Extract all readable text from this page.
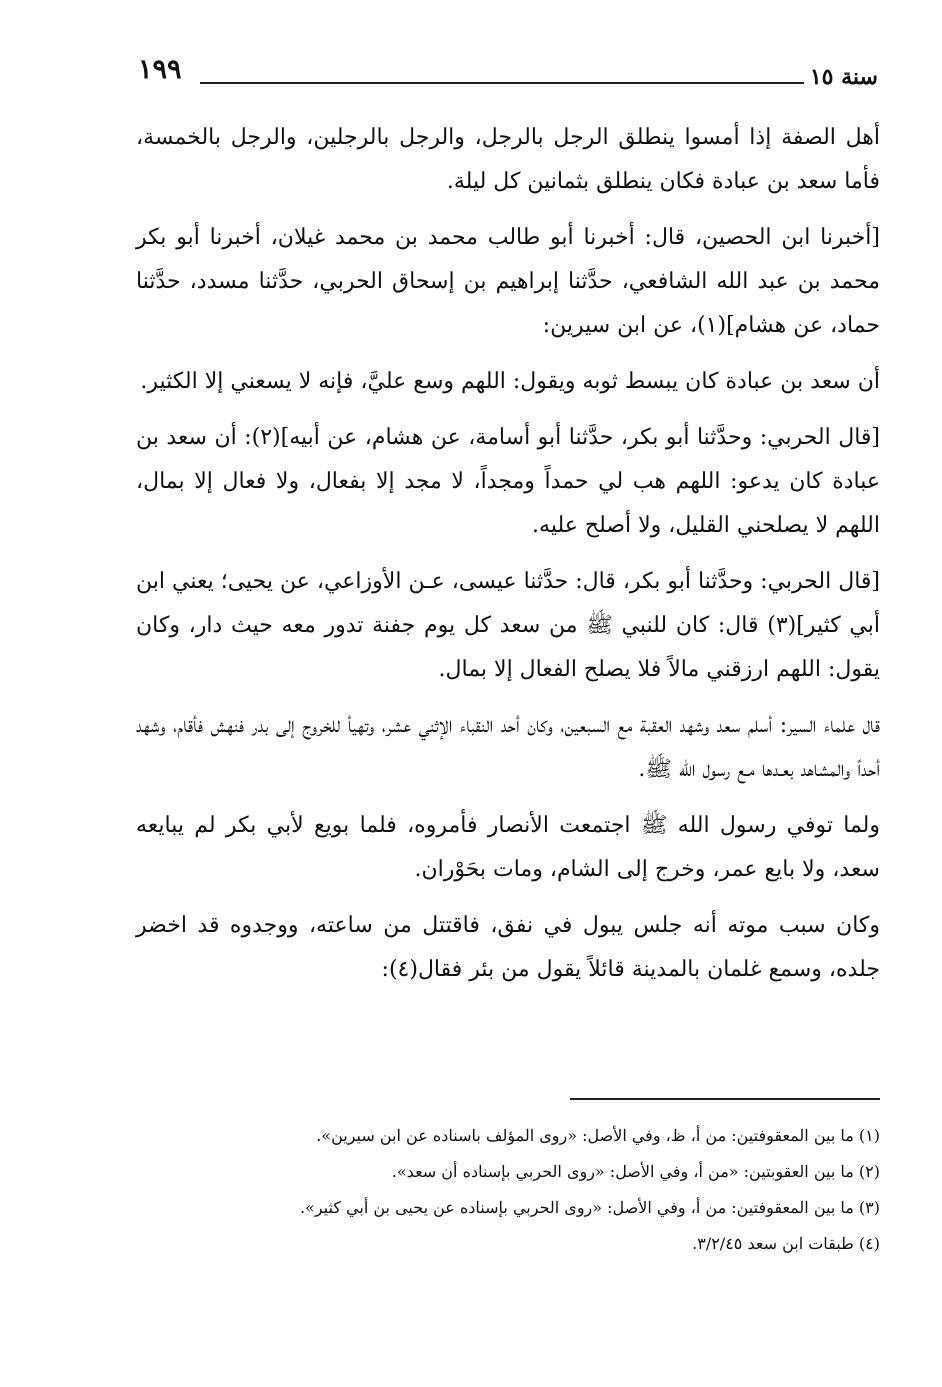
١٩٩	سنة ١٥

أهل الصفة إذا أمسوا ينطلق الرجل بالرجل، والرجل بالرجلين، والرجل بالخمسة، فأما سعد بن عبادة فكان ينطلق بثمانين كل ليلة.

[أخبرنا ابن الحصين، قال: أخبرنا أبو طالب محمد بن محمد غيلان، أخبرنا أبو بكر محمد بن عبد الله الشافعي، حدَّثنا إبراهيم بن إسحاق الحربي، حدَّثنا مسدد، حدَّثنا حماد، عن هشام](١)، عن ابن سيرين:

أن سعد بن عبادة كان يبسط ثوبه ويقول: اللهم وسع عليَّ، فإنه لا يسعني إلا الكثير.

[قال الحربي: وحدَّثنا أبو بكر، حدَّثنا أبو أسامة، عن هشام، عن أبيه](٢): أن سعد بن عبادة كان يدعو: اللهم هب لي حمداً ومجداً، لا مجد إلا بفعال، ولا فعال إلا بمال، اللهم لا يصلحني القليل، ولا أصلح عليه.

[قال الحربي: وحدَّثنا أبو بكر، قال: حدَّثنا عيسى، عـن الأوزاعي، عن يحيى؛ يعني ابن أبي كثير](٣) قال: كان للنبي ﷺ من سعد كل يوم جفنة تدور معه حيث دار، وكان يقول: اللهم ارزقني مالاً فلا يصلح الفعال إلا بمال.

قال علماء السير: أسلم سعد وشهد العقبة مع السبعين، وكان أحد النقباء الإثني عشر، وتهيأ للخروج إلى بدر فنهش فأقام، وشهد أحداً والمشاهد بعـدها مـع رسول الله ﷺ.

ولما توفي رسول الله ﷺ اجتمعت الأنصار فأمروه، فلما بويع لأبي بكر لم يبايعه سعد، ولا بايع عمر، وخرج إلى الشام، ومات بحَوْران.

وكان سبب موته أنه جلس يبول في نفق، فاقتتل من ساعته، ووجدوه قد اخضر جلده، وسمع غلمان بالمدينة قائلاً يقول من بئر فقال(٤):

(١) ما بين المعقوفتين: من أ، ظ، وفي الأصل: «روى المؤلف باسناده عن ابن سيرين».
(٢) ما بين العقوبتين: «من أ، وفي الأصل: «روى الحربي بإسناده أن سعد».
(٣) ما بين المعقوفتين: من أ، وفي الأصل: «روى الحربي بإسناده عن يحيى بن أبي كثير».
(٤) طبقات ابن سعد ٣/٢/٤٥.
